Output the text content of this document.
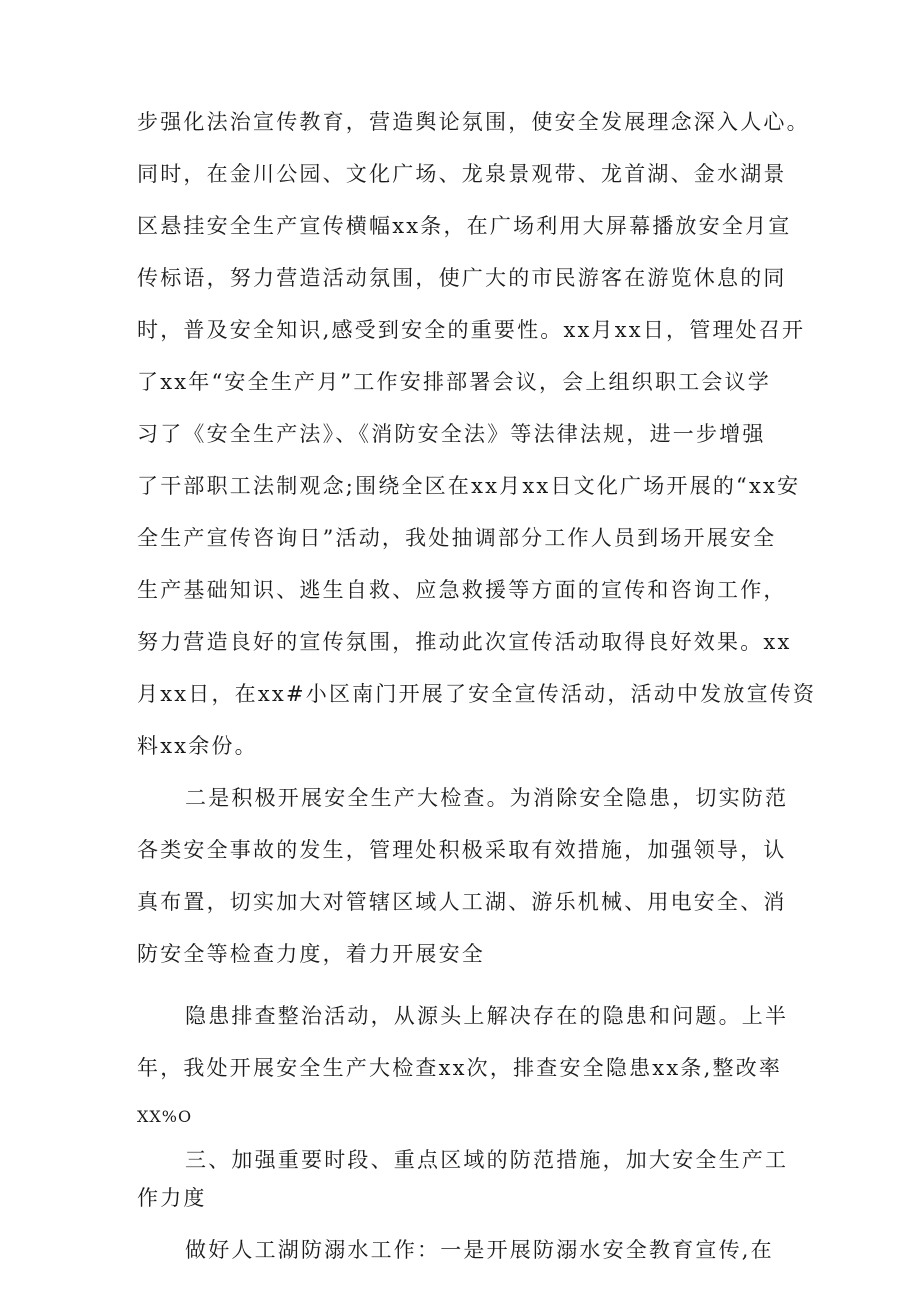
步强化法治宣传教育，营造舆论氛围，使安全发展理念深入人心。
同时，在金川公园、文化广场、龙泉景观带、龙首湖、金水湖景
区悬挂安全生产宣传横幅xx条，在广场利用大屏幕播放安全月宣
传标语，努力营造活动氛围，使广大的市民游客在游览休息的同
时，普及安全知识,感受到安全的重要性。xx月xx日，管理处召开
了xx年“安全生产月”工作安排部署会议，会上组织职工会议学
习了《安全生产法》、《消防安全法》等法律法规，进一步增强
了干部职工法制观念;围绕全区在xx月xx日文化广场开展的“xx安
全生产宣传咨询日”活动，我处抽调部分工作人员到场开展安全
生产基础知识、逃生自救、应急救援等方面的宣传和咨询工作，
努力营造良好的宣传氛围，推动此次宣传活动取得良好效果。xx
月xx日，在xx#小区南门开展了安全宣传活动，活动中发放宣传资
料xx余份。
二是积极开展安全生产大检查。为消除安全隐患，切实防范
各类安全事故的发生，管理处积极采取有效措施，加强领导，认
真布置，切实加大对管辖区域人工湖、游乐机械、用电安全、消
防安全等检查力度，着力开展安全
隐患排查整治活动，从源头上解决存在的隐患和问题。上半
年，我处开展安全生产大检查xx次，排查安全隐患xx条,整改率
XX%O
三、加强重要时段、重点区域的防范措施，加大安全生产工
作力度
做好人工湖防溺水工作：一是开展防溺水安全教育宣传,在
